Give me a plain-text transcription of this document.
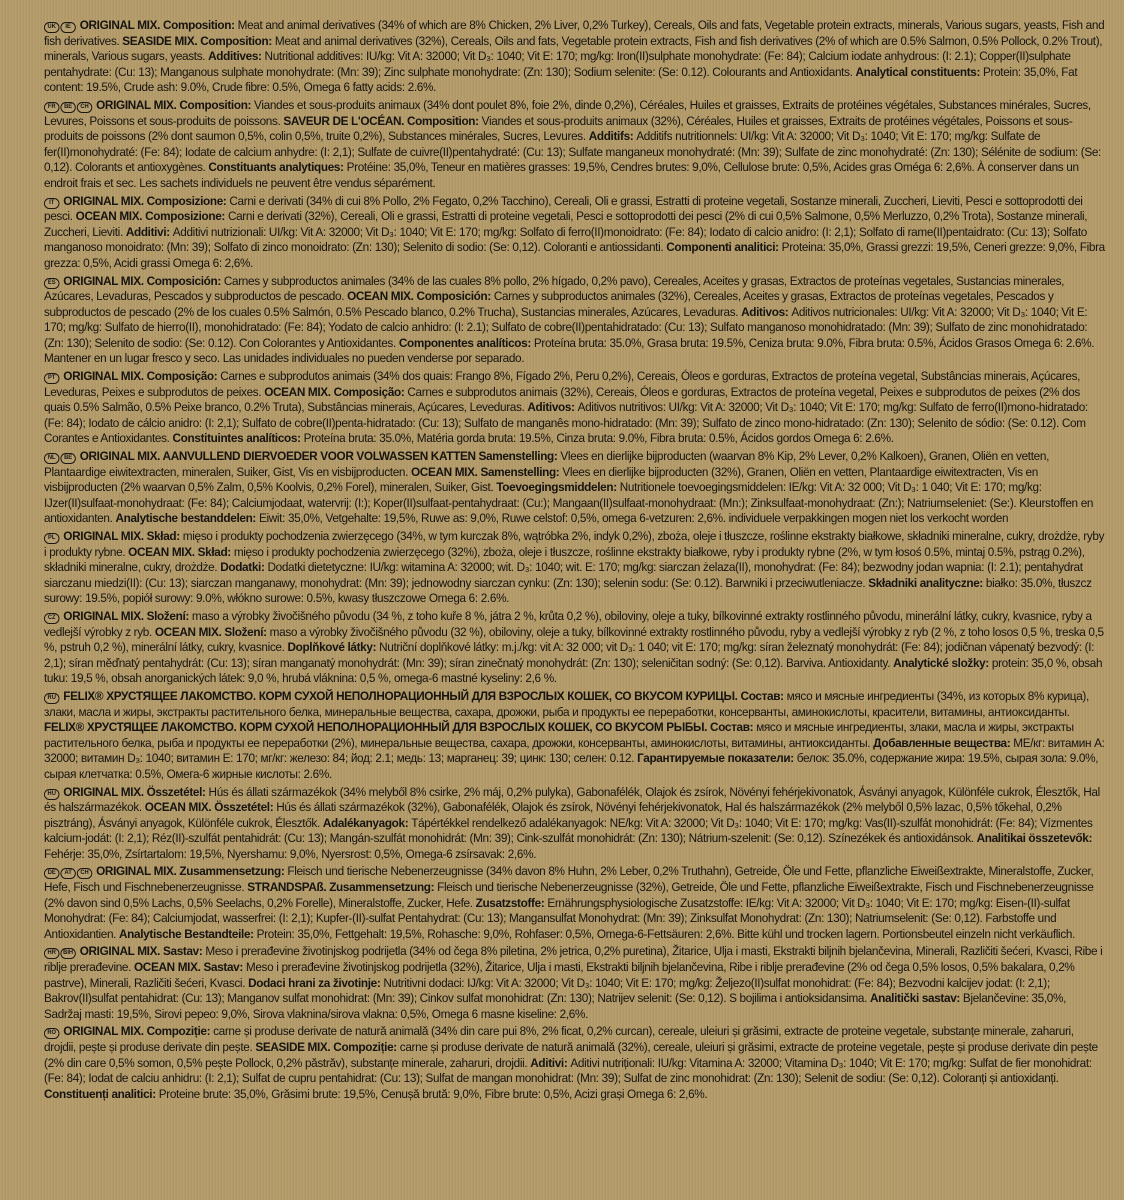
UK IE ORIGINAL MIX. Composition: Meat and animal derivatives (34% of which are 8% Chicken, 2% Liver, 0,2% Turkey), Cereals, Oils and fats, Vegetable protein extracts, minerals, Various sugars, yeasts, Fish and fish derivatives. SEASIDE MIX. Composition: Meat and animal derivatives (32%), Cereals, Oils and fats, Vegetable protein extracts, Fish and fish derivatives (2% of which are 0.5% Salmon, 0.5% Pollock, 0.2% Trout), minerals, Various sugars, yeasts. Additives: Nutritional additives: IU/kg: Vit A: 32000; Vit D₃: 1040; Vit E: 170; mg/kg: Iron(II)sulphate monohydrate: (Fe: 84); Calcium iodate anhydrous: (I: 2.1); Copper(II)sulphate pentahydrate: (Cu: 13); Manganous sulphate monohydrate: (Mn: 39); Zinc sulphate monohydrate: (Zn: 130); Sodium selenite: (Se: 0.12). Colourants and Antioxidants. Analytical constituents: Protein: 35,0%, Fat content: 19.5%, Crude ash: 9.0%, Crude fibre: 0.5%, Omega 6 fatty acids: 2.6%.

FR BE CH ORIGINAL MIX. Composition: Viandes et sous-produits animaux (34% dont poulet 8%, foie 2%, dinde 0,2%), Céréales, Huiles et graisses, Extraits de protéines végétales, Substances minérales, Sucres, Levures, Poissons et sous-produits de poissons. SAVEUR DE L'OCÉAN. Composition: Viandes et sous-produits animaux (32%), Céréales, Huiles et graisses, Extraits de protéines végétales, Poissons et sous-produits de poissons (2% dont saumon 0,5%, colin 0,5%, truite 0,2%), Substances minérales, Sucres, Levures. Additifs: Additifs nutritionnels: UI/kg: Vit A: 32000; Vit D₃: 1040; Vit E: 170; mg/kg: Sulfate de fer(II)monohydraté: (Fe: 84); Iodate de calcium anhydre: (I: 2,1); Sulfate de cuivre(II)pentahydraté: (Cu: 13); Sulfate manganeux monohydraté: (Mn: 39); Sulfate de zinc monohydraté: (Zn: 130); Sélénite de sodium: (Se: 0,12). Colorants et antioxygènes. Constituants analytiques: Protéine: 35,0%, Teneur en matières grasses: 19,5%, Cendres brutes: 9,0%, Cellulose brute: 0,5%, Acides gras Oméga 6: 2,6%. À conserver dans un endroit frais et sec. Les sachets individuels ne peuvent être vendus séparément.

IT ORIGINAL MIX. Composizione: Carni e derivati (34% di cui 8% Pollo, 2% Fegato, 0,2% Tacchino), Cereali, Oli e grassi, Estratti di proteine vegetali, Sostanze minerali, Zuccheri, Lieviti, Pesci e sottoprodotti dei pesci. OCEAN MIX. Composizione: Carni e derivati (32%), Cereali, Oli e grassi, Estratti di proteine vegetali, Pesci e sottoprodotti dei pesci (2% di cui 0,5% Salmone, 0,5% Merluzzo, 0,2% Trota), Sostanze minerali, Zuccheri, Lieviti. Additivi: Additivi nutrizionali: UI/kg: Vit A: 32000; Vit D₃: 1040; Vit E: 170; mg/kg: Solfato di ferro(II)monoidrato: (Fe: 84); Iodato di calcio anidro: (I: 2,1); Solfato di rame(II)pentaidrato: (Cu: 13); Solfato manganoso monoidrato: (Mn: 39); Solfato di zinco monoidrato: (Zn: 130); Selenito di sodio: (Se: 0,12). Coloranti e antiossidanti. Componenti analitici: Proteina: 35,0%, Grassi grezzi: 19,5%, Ceneri grezze: 9,0%, Fibra grezza: 0,5%, Acidi grassi Omega 6: 2,6%.

ES ORIGINAL MIX. Composición: Carnes y subproductos animales (34% de las cuales 8% pollo, 2% hígado, 0,2% pavo), Cereales, Aceites y grasas, Extractos de proteínas vegetales, Sustancias minerales, Azúcares, Levaduras, Pescados y subproductos de pescado. OCEAN MIX. Composición: Carnes y subproductos animales (32%), Cereales, Aceites y grasas, Extractos de proteínas vegetales, Pescados y subproductos de pescado (2% de los cuales 0.5% Salmón, 0.5% Pescado blanco, 0.2% Trucha), Sustancias minerales, Azúcares, Levaduras. Aditivos: Aditivos nutricionales: UI/kg: Vit A: 32000; Vit D₃: 1040; Vit E: 170; mg/kg: Sulfato de hierro(II), monohidratado: (Fe: 84); Yodato de calcio anhidro: (I: 2.1); Sulfato de cobre(II)pentahidratado: (Cu: 13); Sulfato manganoso monohidratado: (Mn: 39); Sulfato de zinc monohidratado: (Zn: 130); Selenito de sodio: (Se: 0.12). Con Colorantes y Antioxidantes. Componentes analíticos: Proteína bruta: 35.0%, Grasa bruta: 19.5%, Ceniza bruta: 9.0%, Fibra bruta: 0.5%, Ácidos Grasos Omega 6: 2.6%. Mantener en un lugar fresco y seco. Las unidades individuales no pueden venderse por separado.

PT ORIGINAL MIX. Composição: Carnes e subprodutos animais (34% dos quais: Frango 8%, Fígado 2%, Peru 0,2%), Cereais, Óleos e gorduras, Extractos de proteína vegetal, Substâncias minerais, Açúcares, Leveduras, Peixes e subprodutos de peixes. OCEAN MIX. Composição: Carnes e subprodutos animais (32%), Cereais, Óleos e gorduras, Extractos de proteína vegetal, Peixes e subprodutos de peixes (2% dos quais 0.5% Salmão, 0.5% Peixe branco, 0.2% Truta), Substâncias minerais, Açúcares, Leveduras. Aditivos: Aditivos nutritivos: UI/kg: Vit A: 32000; Vit D₃: 1040; Vit E: 170; mg/kg: Sulfato de ferro(II)mono-hidratado: (Fe: 84); Iodato de cálcio anidro: (I: 2,1); Sulfato de cobre(II)penta-hidratado: (Cu: 13); Sulfato de manganês mono-hidratado: (Mn: 39); Sulfato de zinco mono-hidratado: (Zn: 130); Selenito de sódio: (Se: 0.12). Com Corantes e Antioxidantes. Constituintes analíticos: Proteína bruta: 35.0%, Matéria gorda bruta: 19.5%, Cinza bruta: 9.0%, Fibra bruta: 0.5%, Ácidos gordos Omega 6: 2.6%.

NL BE ORIGINAL MIX. AANVULLEND DIERVOEDER VOOR VOLWASSEN KATTEN Samenstelling: Vlees en dierlijke bijproducten (waarvan 8% Kip, 2% Lever, 0,2% Kalkoen), Granen, Oliën en vetten, Plantaardige eiwitextracten, mineralen, Suiker, Gist, Vis en visbijproducten. OCEAN MIX. Samenstelling: Vlees en dierlijke bijproducten (32%), Granen, Oliën en vetten, Plantaardige eiwitextracten, Vis en visbijproducten (2% waarvan 0,5% Zalm, 0,5% Koolvis, 0,2% Forel), mineralen, Suiker, Gist. Toevoegingsmiddelen: Nutritionele toevoegingsmiddelen: IE/kg: Vit A: 32 000; Vit D₃: 1 040; Vit E: 170; mg/kg: IJzer(II)sulfaat-monohydraat: (Fe: 84); Calciumjodaat, watervrij: (I:); Koper(II)sulfaat-pentahydraat: (Cu:); Mangaan(II)sulfaat-monohydraat: (Mn:); Zinksulfaat-monohydraat: (Zn:); Natriumseleniet: (Se:). Kleurstoffen en antioxidanten. Analytische bestanddelen: Eiwit: 35,0%, Vetgehalte: 19,5%, Ruwe as: 9,0%, Ruwe celstof: 0,5%, omega 6-vetzuren: 2,6%. individuele verpakkingen mogen niet los verkocht worden

PL ORIGINAL MIX. Skład: mięso i produkty pochodzenia zwierzęcego (34%, w tym kurczak 8%, wątróbka 2%, indyk 0,2%), zboża, oleje i tłuszcze, roślinne ekstrakty białkowe, składniki mineralne, cukry, drożdże, ryby i produkty rybne. OCEAN MIX. Skład: mięso i produkty pochodzenia zwierzęcego (32%), zboża, oleje i tłuszcze, roślinne ekstrakty białkowe, ryby i produkty rybne (2%, w tym łosoś 0.5%, mintaj 0.5%, pstrąg 0.2%), składniki mineralne, cukry, drożdże. Dodatki: Dodatki dietetyczne: IU/kg: witamina A: 32000; wit. D₃: 1040; wit. E: 170; mg/kg: siarczan żelaza(II), monohydrat: (Fe: 84); bezwodny jodan wapnia: (I: 2.1); pentahydrat siarczanu miedzi(II): (Cu: 13); siarczan manganawy, monohydrat: (Mn: 39); jednowodny siarczan cynku: (Zn: 130); selenin sodu: (Se: 0.12). Barwniki i przeciwutleniacze. Składniki analityczne: białko: 35.0%, tłuszcz surowy: 19.5%, popiół surowy: 9.0%, włókno surowe: 0.5%, kwasy tłuszczowe Omega 6: 2.6%.

CZ ORIGINAL MIX. Složení: maso a výrobky živočišného původu (34 %, z toho kuře 8 %, játra 2 %, krůta 0,2 %), obiloviny, oleje a tuky, bílkovinné extrakty rostlinného původu, minerální látky, cukry, kvasnice, ryby a vedlejší výrobky z ryb. OCEAN MIX. Složení: maso a výrobky živočišného původu (32 %), obiloviny, oleje a tuky, bílkovinné extrakty rostlinného původu, ryby a vedlejší výrobky z ryb (2 %, z toho losos 0,5 %, treska 0,5 %, pstruh 0,2 %), minerální látky, cukry, kvasnice. Doplňkové látky: Nutriční doplňkové látky: m.j./kg: vit A: 32 000; vit D₃: 1 040; vit E: 170; mg/kg: síran železnatý monohydrát: (Fe: 84); jodičnan vápenatý bezvodý: (I: 2,1); síran měďnatý pentahydrát: (Cu: 13); síran manganatý monohydrát: (Mn: 39); síran zinečnatý monohydrát: (Zn: 130); seleničitan sodný: (Se: 0,12). Barviva. Antioxidanty. Analytické složky: protein: 35,0 %, obsah tuku: 19,5 %, obsah anorganických látek: 9,0 %, hrubá vláknina: 0,5 %, omega-6 mastné kyseliny: 2,6 %.

RU FELIX® ХРУСТЯЩЕЕ ЛАКОМСТВО. КОРМ СУХОЙ НЕПОЛНОРАЦИОННЫЙ ДЛЯ ВЗРОСЛЫХ КОШЕК, СО ВКУСОМ КУРИЦЫ. Состав: мясо и мясные ингредиенты (34%, из которых 8% курица), злаки, масла и жиры, экстракты растительного белка, минеральные вещества, сахара, дрожжи, рыба и продукты ее переработки, консерванты, аминокислоты, красители, витамины, антиоксиданты. FELIX® ХРУСТЯЩЕЕ ЛАКОМСТВО. КОРМ СУХОЙ НЕПОЛНОРАЦИОННЫЙ ДЛЯ ВЗРОСЛЫХ КОШЕК, СО ВКУСОМ РЫБЫ. Состав: мясо и мясные ингредиенты, злаки, масла и жиры, экстракты растительного белка, рыба и продукты ее переработки (2%), минеральные вещества, сахара, дрожжи, консерванты, аминокислоты, витамины, антиоксиданты. Добавленные вещества: МЕ/кг: витамин А: 32000; витамин D₃: 1040; витамин Е: 170; мг/кг: железо: 84; йод: 2.1; медь: 13; марганец: 39; цинк: 130; селен: 0.12. Гарантируемые показатели: белок: 35.0%, содержание жира: 19.5%, сырая зола: 9.0%, сырая клетчатка: 0.5%, Омега-6 жирные кислоты: 2.6%.

HU ORIGINAL MIX. Összetétel: Hús és állati származékok (34% melyből 8% csirke, 2% máj, 0,2% pulyka), Gabonafélék, Olajok és zsírok, Növényi fehérjekivonatok, Ásványi anyagok, Különféle cukrok, Élesztők, Hal és halszármazékok. OCEAN MIX. Összetétel: Hús és állati származékok (32%), Gabonafélék, Olajok és zsírok, Növényi fehérjekivonatok, Hal és halszármazékok (2% melyből 0,5% lazac, 0,5% tőkehal, 0,2% pisztráng), Ásványi anyagok, Különféle cukrok, Élesztők. Adalékanyagok: Tápértékkel rendelkező adalékanyagok: NE/kg: Vit A: 32000; Vit D₃: 1040; Vit E: 170; mg/kg: Vas(II)-szulfát monohidrát: (Fe: 84); Vízmentes kalcium-jodát: (I: 2,1); Réz(II)-szulfát pentahidrát: (Cu: 13); Mangán-szulfát monohidrát: (Mn: 39); Cink-szulfát monohidrát: (Zn: 130); Nátrium-szelenit: (Se: 0,12). Színezékek és antioxidánsok. Analitikai összetevők: Fehérje: 35,0%, Zsírtartalom: 19,5%, Nyershamu: 9,0%, Nyersrost: 0,5%, Omega-6 zsírsavak: 2,6%.

DE AT CH ORIGINAL MIX. Zusammensetzung: Fleisch und tierische Nebenerzeugnisse (34% davon 8% Huhn, 2% Leber, 0,2% Truthahn), Getreide, Öle und Fette, pflanzliche Eiweißextrakte, Mineralstoffe, Zucker, Hefe, Fisch und Fischnebenerzeugnisse. STRANDSPAß. Zusammensetzung: Fleisch und tierische Nebenerzeugnisse (32%), Getreide, Öle und Fette, pflanzliche Eiweißextrakte, Fisch und Fischnebenerzeugnisse (2% davon sind 0,5% Lachs, 0,5% Seelachs, 0,2% Forelle), Mineralstoffe, Zucker, Hefe. Zusatzstoffe: Ernährungsphysiologische Zusatzstoffe: IE/kg: Vit A: 32000; Vit D₃: 1040; Vit E: 170; mg/kg: Eisen-(II)-sulfat Monohydrat: (Fe: 84); Calciumjodat, wasserfrei: (I: 2,1); Kupfer-(II)-sulfat Pentahydrat: (Cu: 13); Mangansulfat Monohydrat: (Mn: 39); Zinksulfat Monohydrat: (Zn: 130); Natriumselenit: (Se: 0,12). Farbstoffe und Antioxidantien. Analytische Bestandteile: Protein: 35,0%, Fettgehalt: 19,5%, Rohasche: 9,0%, Rohfaser: 0,5%, Omega-6-Fettsäuren: 2,6%. Bitte kühl und trocken lagern. Portionsbeutel einzeln nicht verkäuflich.

HR BIH ORIGINAL MIX. Sastav: Meso i prerađevine životinjskog podrijetla (34% od čega 8% piletina, 2% jetrica, 0,2% puretina), Žitarice, Ulja i masti, Ekstrakti biljnih bjelančevina, Minerali, Različiti šećeri, Kvasci, Ribe i riblje prerađevine. OCEAN MIX. Sastav: Meso i prerađevine životinjskog podrijetla (32%), Žitarice, Ulja i masti, Ekstrakti biljnih bjelančevina, Ribe i riblje prerađevine (2% od čega 0,5% losos, 0,5% bakalara, 0,2% pastrve), Minerali, Različiti šećeri, Kvasci. Dodaci hrani za životinje: Nutritivni dodaci: IJ/kg: Vit A: 32000; Vit D₃: 1040; Vit E: 170; mg/kg: Željezo(II)sulfat monohidrat: (Fe: 84); Bezvodni kalcijev jodat: (I: 2,1); Bakrov(II)sulfat pentahidrat: (Cu: 13); Manganov sulfat monohidrat: (Mn: 39); Cinkov sulfat monohidrat: (Zn: 130); Natrijev selenit: (Se: 0,12). S bojilima i antioksidansima. Analitički sastav: Bjelančevine: 35,0%, Sadržaj masti: 19,5%, Sirovi pepeo: 9,0%, Sirova vlaknina/sirova vlakna: 0,5%, Omega 6 masne kiseline: 2,6%.

RO ORIGINAL MIX. Compoziție: carne și produse derivate de natură animală (34% din care pui 8%, 2% ficat, 0,2% curcan), cereale, uleiuri și grăsimi, extracte de proteine vegetale, substanțe minerale, zaharuri, drojdii, pește și produse derivate din pește. SEASIDE MIX. Compoziție: carne și produse derivate de natură animală (32%), cereale, uleiuri și grăsimi, extracte de proteine vegetale, pește și produse derivate din pește (2% din care 0,5% somon, 0,5% pește Pollock, 0,2% păstrăv), substanțe minerale, zaharuri, drojdii. Aditivi: Aditivi nutriționali: IU/kg: Vitamina A: 32000; Vitamina D₃: 1040; Vit E: 170; mg/kg: Sulfat de fier monohidrat: (Fe: 84); Iodat de calciu anhidru: (I: 2,1); Sulfat de cupru pentahidrat: (Cu: 13); Sulfat de mangan monohidrat: (Mn: 39); Sulfat de zinc monohidrat: (Zn: 130); Selenit de sodiu: (Se: 0,12). Coloranți și antioxidanți. Constituenți analitici: Proteine brute: 35,0%, Grăsimi brute: 19,5%, Cenușă brută: 9,0%, Fibre brute: 0,5%, Acizi grași Omega 6: 2,6%.
